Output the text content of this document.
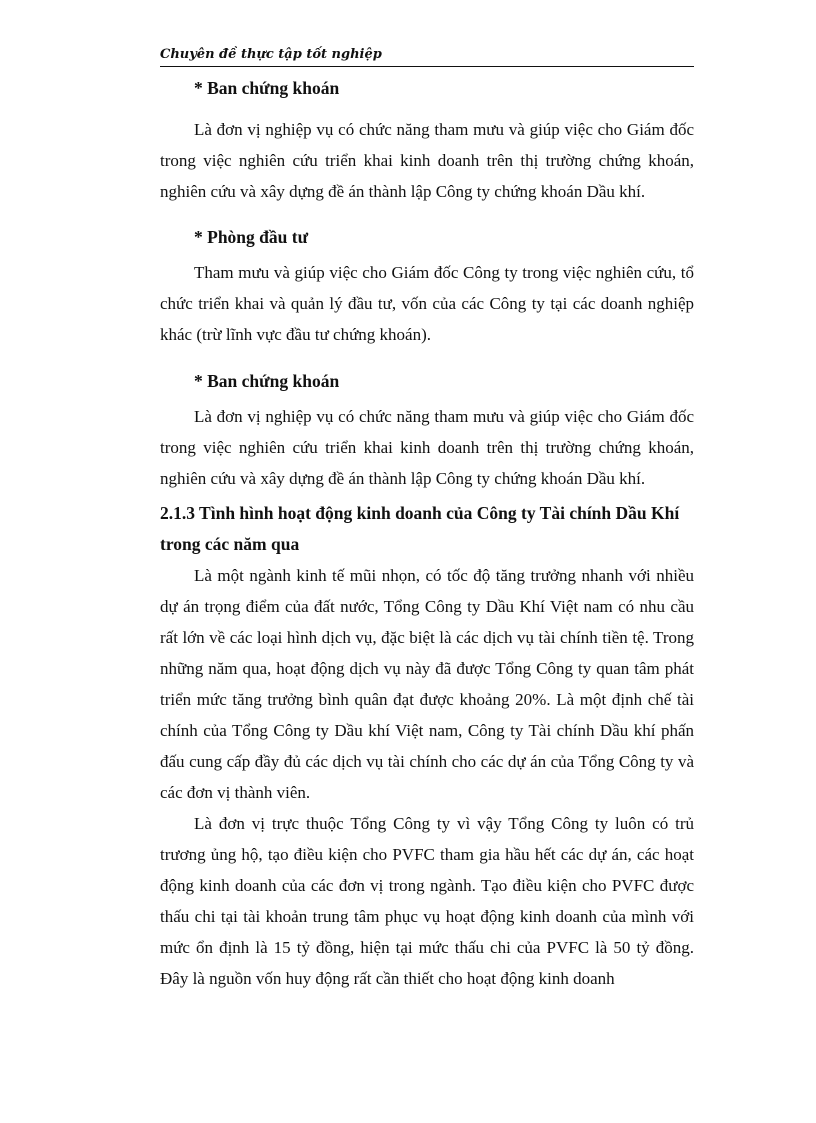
Chuyên đề thực tập tốt nghiệp

* Ban chứng khoán

Là đơn vị nghiệp vụ có chức năng tham mưu và giúp việc cho Giám đốc trong việc nghiên cứu triển khai kinh doanh trên thị trường chứng khoán, nghiên cứu và xây dựng đề án thành lập Công ty chứng khoán Dầu khí.

* Phòng đầu tư

Tham mưu và giúp việc cho Giám đốc Công ty trong việc nghiên cứu, tổ chức triển khai và quản lý đầu tư, vốn của các Công ty tại các doanh nghiệp khác (trừ lĩnh vực đầu tư chứng khoán).

* Ban chứng khoán

Là đơn vị nghiệp vụ có chức năng tham mưu và giúp việc cho Giám đốc trong việc nghiên cứu triển khai kinh doanh trên thị trường chứng khoán, nghiên cứu và xây dựng đề án thành lập Công ty chứng khoán Dầu khí.

2.1.3 Tình hình hoạt động kinh doanh của Công ty Tài chính Dầu Khí trong các năm qua

Là một ngành kinh tế mũi nhọn, có tốc độ tăng trưởng nhanh với nhiều dự án trọng điểm của đất nước, Tổng Công ty Dầu Khí Việt nam có nhu cầu rất lớn về các loại hình dịch vụ, đặc biệt là các dịch vụ tài chính tiền tệ. Trong những năm qua, hoạt động dịch vụ này đã được Tổng Công ty quan tâm phát triển mức tăng trưởng bình quân đạt được khoảng 20%. Là một định chế tài chính của Tổng Công ty Dầu khí Việt nam, Công ty Tài chính Dầu khí phấn đấu cung cấp đầy đủ các dịch vụ tài chính cho các dự án của Tổng Công ty và các đơn vị thành viên.

Là đơn vị trực thuộc Tổng Công ty vì vậy Tổng Công ty luôn có trủ trương ủng hộ, tạo điều kiện cho PVFC tham gia hầu hết các dự án, các hoạt động kinh doanh của các đơn vị trong ngành. Tạo điều kiện cho PVFC được thấu chi tại tài khoản trung tâm phục vụ hoạt động kinh doanh của mình với mức ổn định là 15 tỷ đồng, hiện tại mức thấu chi của PVFC là 50 tỷ đồng. Đây là nguồn vốn huy động rất cần thiết cho hoạt động kinh doanh
